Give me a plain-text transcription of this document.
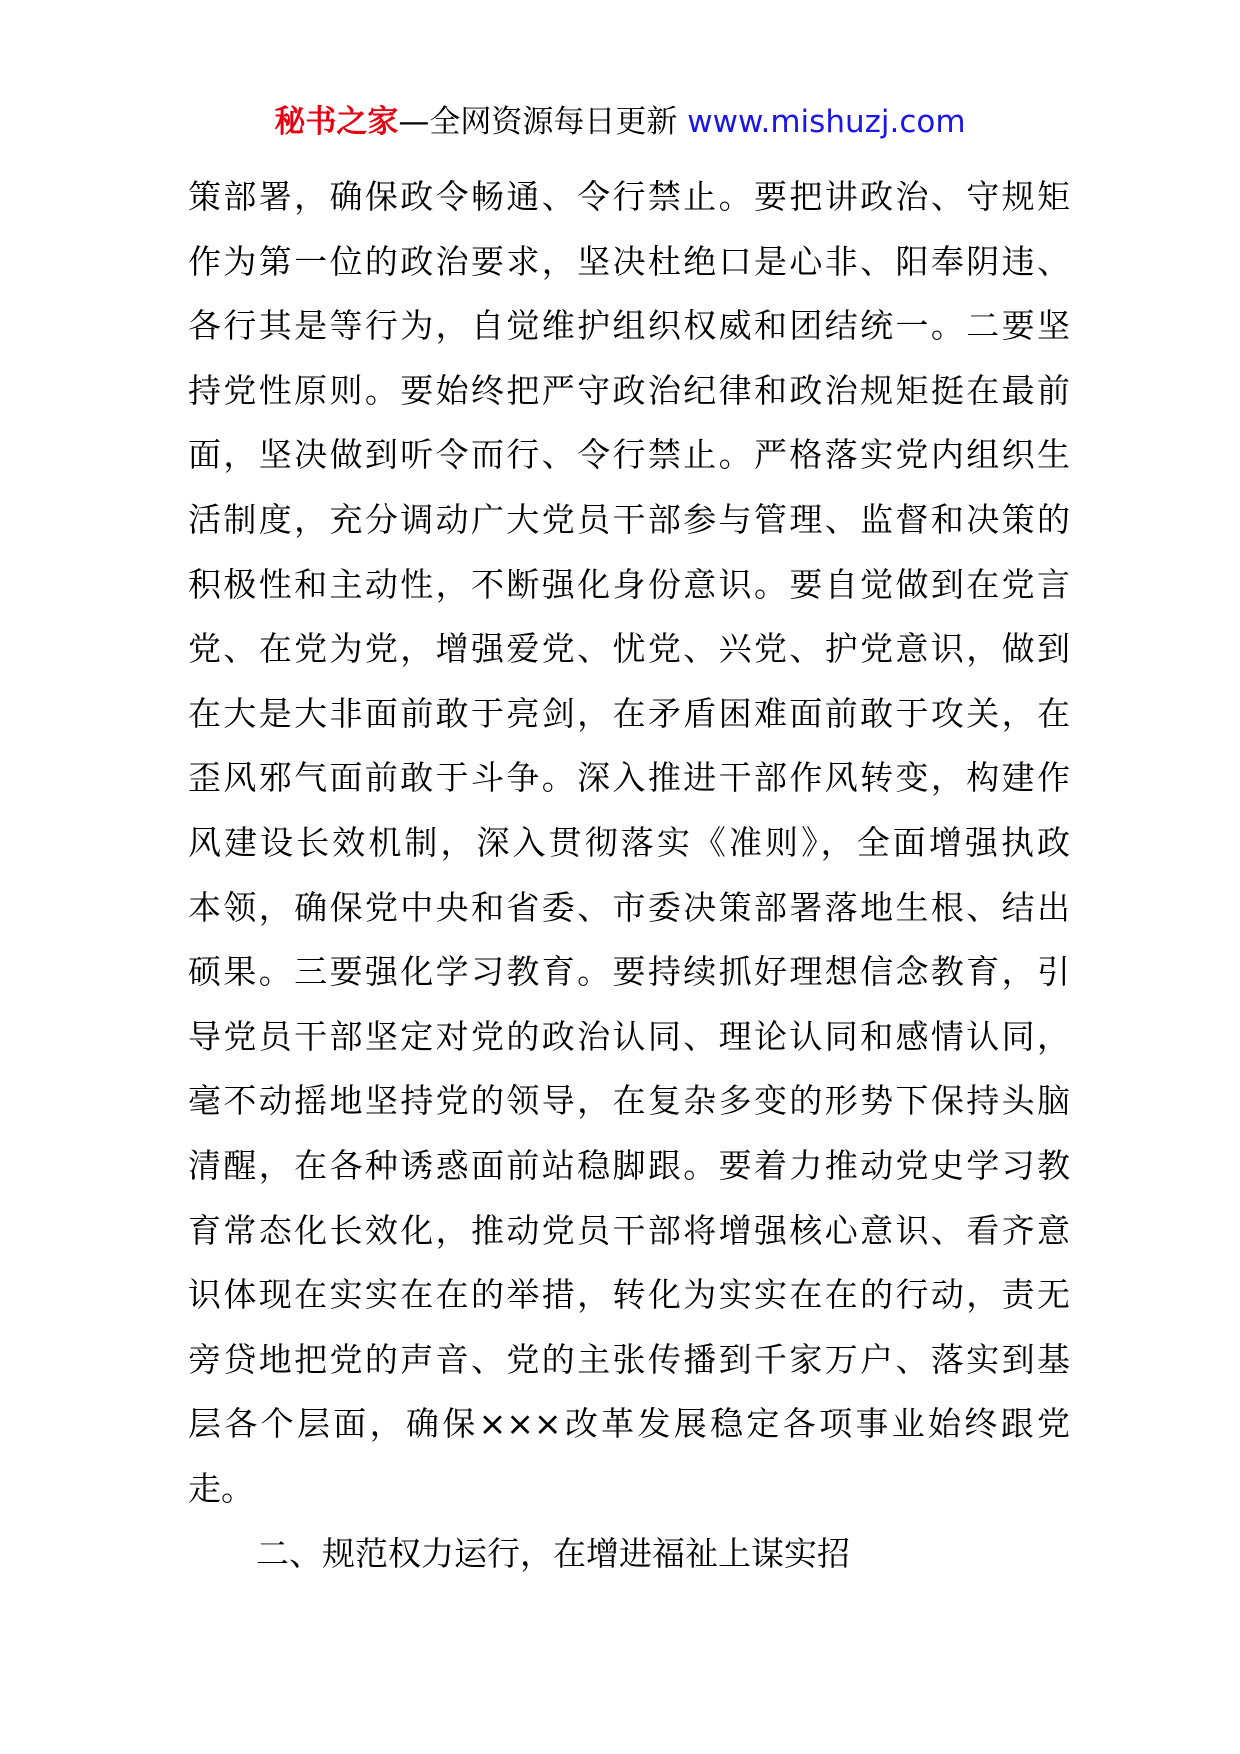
秘书之家—全网资源每日更新 www.mishuzj.com
策部署，确保政令畅通、令行禁止。要把讲政治、守规矩
作为第一位的政治要求，坚决杜绝口是心非、阳奉阴违、
各行其是等行为，自觉维护组织权威和团结统一。二要坚
持党性原则。要始终把严守政治纪律和政治规矩挺在最前
面，坚决做到听令而行、令行禁止。严格落实党内组织生
活制度，充分调动广大党员干部参与管理、监督和决策的
积极性和主动性，不断强化身份意识。要自觉做到在党言
党、在党为党，增强爱党、忧党、兴党、护党意识，做到
在大是大非面前敢于亮剑，在矛盾困难面前敢于攻关，在
歪风邪气面前敢于斗争。深入推进干部作风转变，构建作
风建设长效机制，深入贯彻落实《准则》，全面增强执政
本领，确保党中央和省委、市委决策部署落地生根、结出
硕果。三要强化学习教育。要持续抓好理想信念教育，引
导党员干部坚定对党的政治认同、理论认同和感情认同，
毫不动摇地坚持党的领导，在复杂多变的形势下保持头脑
清醒，在各种诱惑面前站稳脚跟。要着力推动党史学习教
育常态化长效化，推动党员干部将增强核心意识、看齐意
识体现在实实在在的举措，转化为实实在在的行动，责无
旁贷地把党的声音、党的主张传播到千家万户、落实到基
层各个层面，确保×××改革发展稳定各项事业始终跟党
走。
二、规范权力运行，在增进福祉上谋实招
